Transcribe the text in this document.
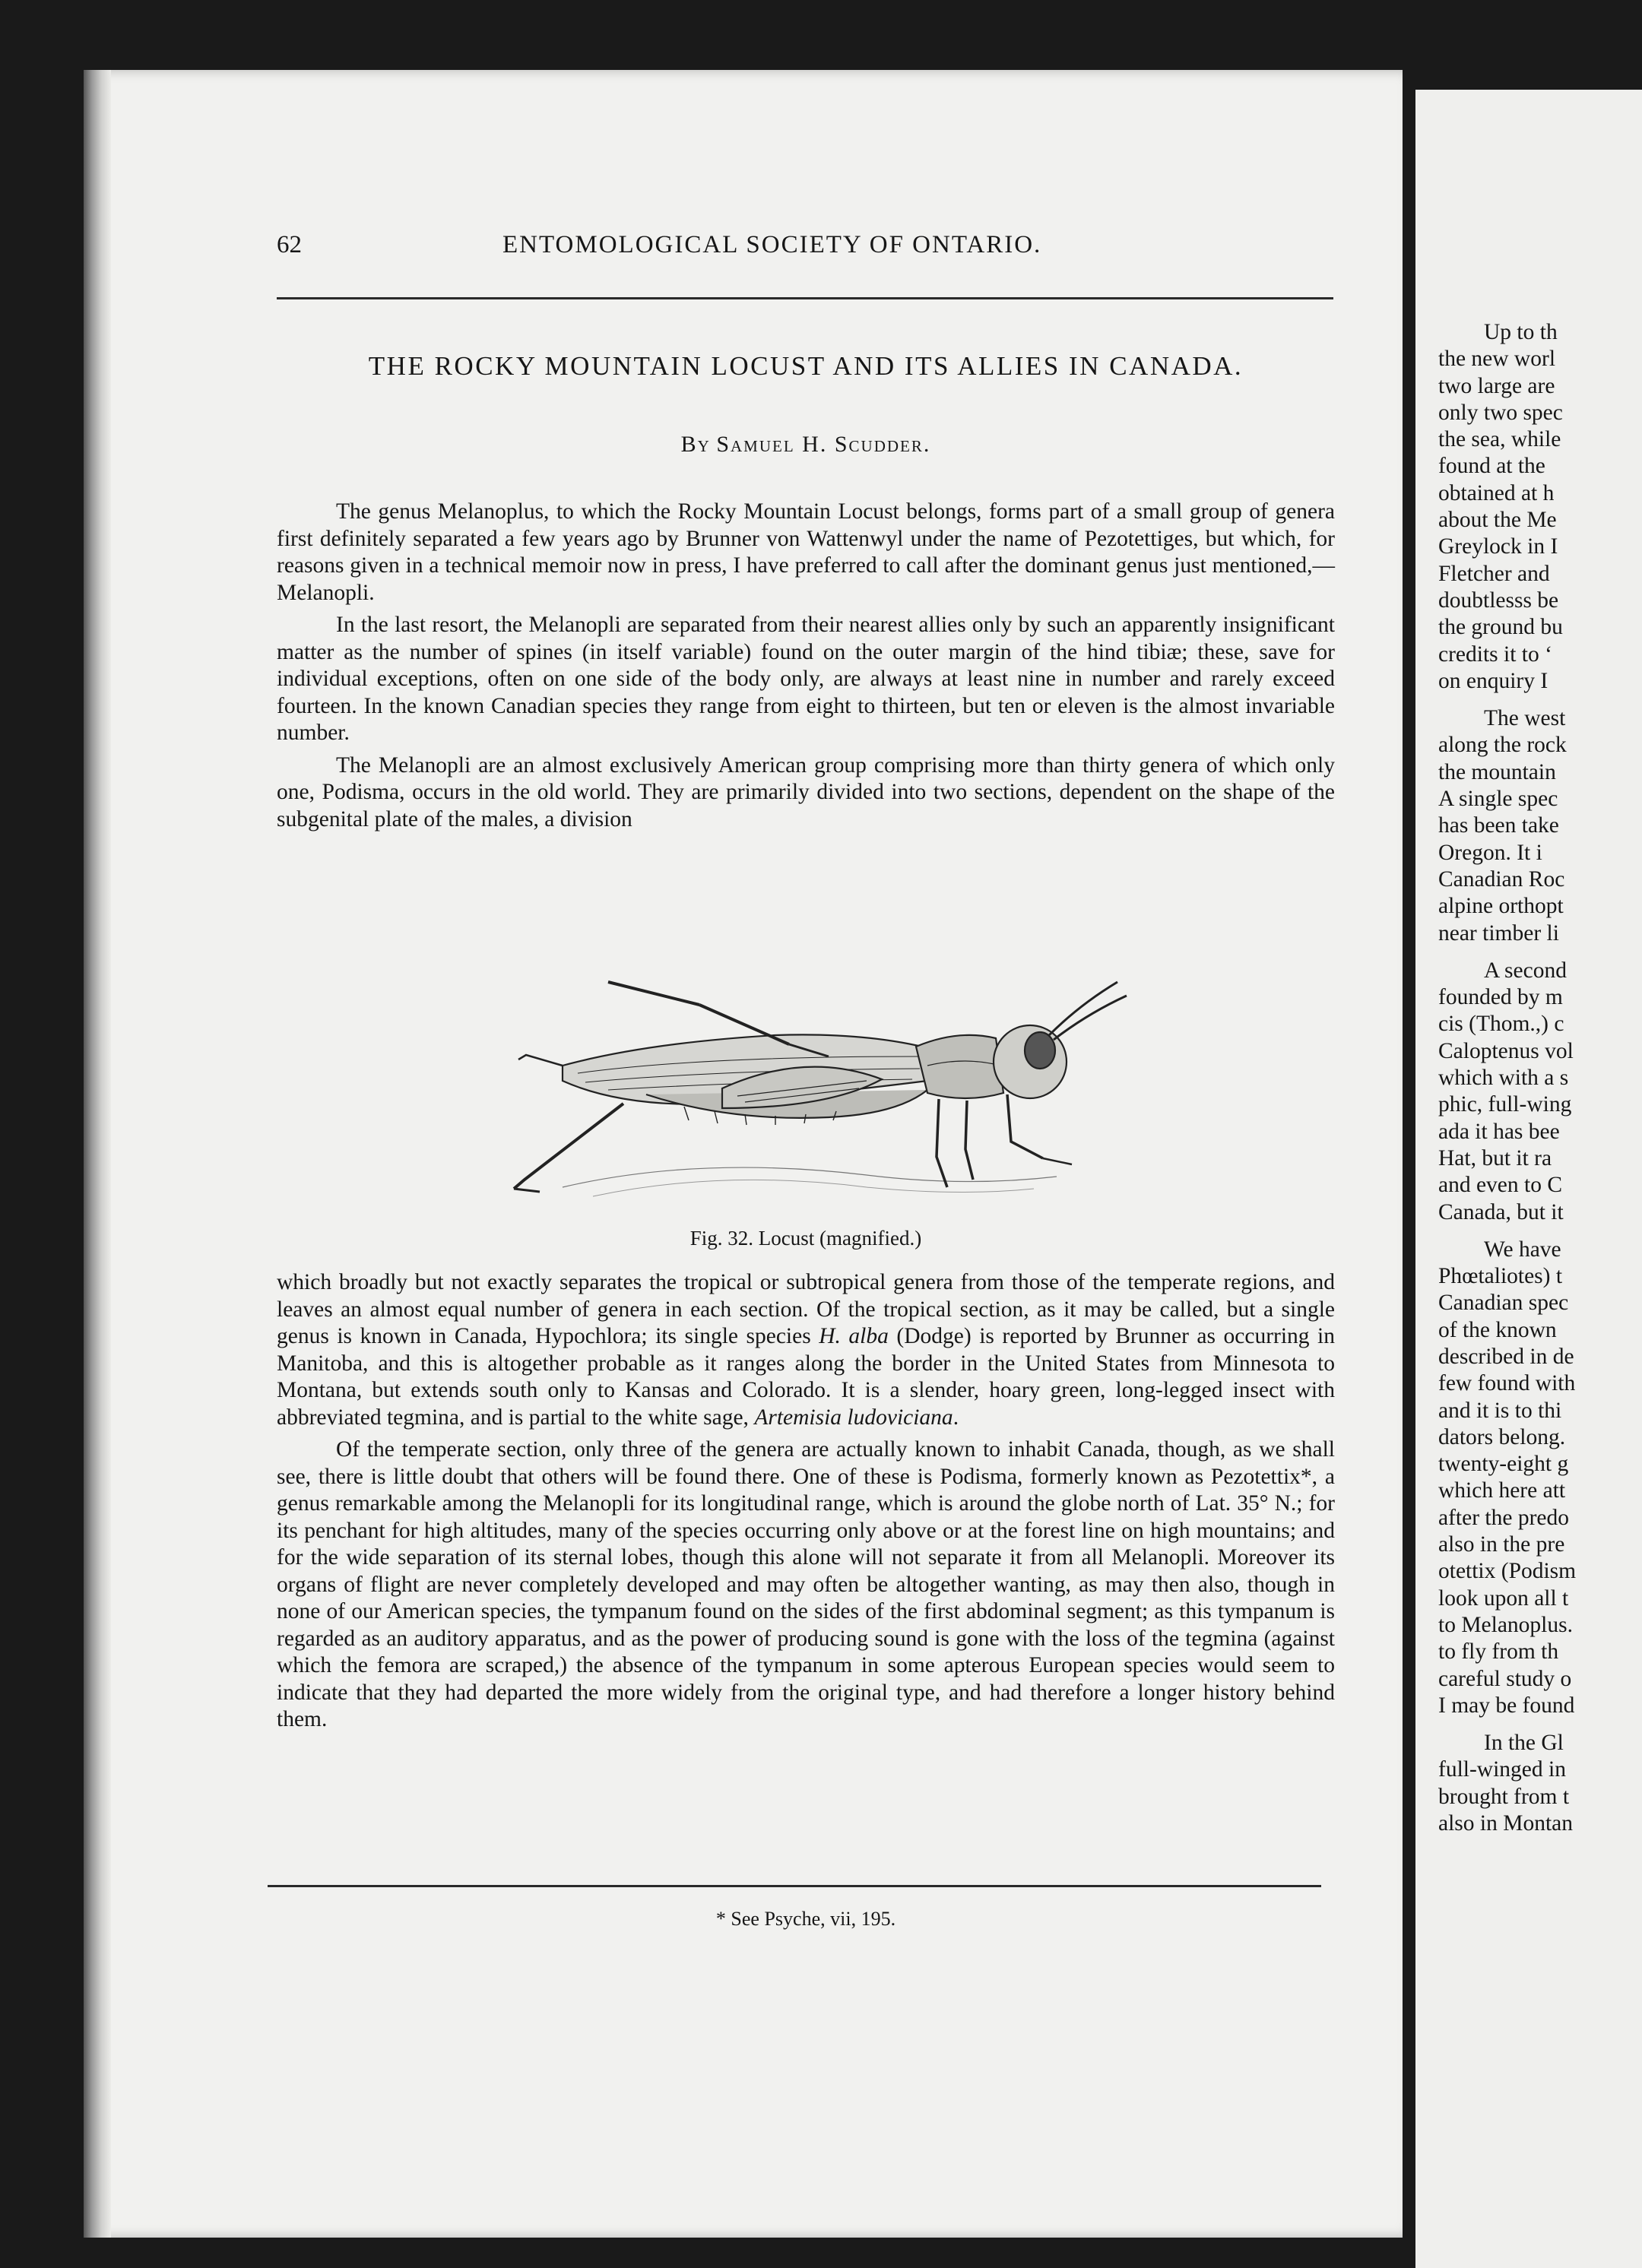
62	ENTOMOLOGICAL SOCIETY OF ONTARIO.
THE ROCKY MOUNTAIN LOCUST AND ITS ALLIES IN CANADA.
By Samuel H. Scudder.

The genus Melanoplus, to which the Rocky Mountain Locust belongs, forms part of a small group of genera first definitely separated a few years ago by Brunner von Wattenwyl under the name of Pezotettiges, but which, for reasons given in a technical memoir now in press, I have preferred to call after the dominant genus just mentioned,—Melanopli.

In the last resort, the Melanopli are separated from their nearest allies only by such an apparently insignificant matter as the number of spines (in itself variable) found on the outer margin of the hind tibiæ; these, save for individual exceptions, often on one side of the body only, are always at least nine in number and rarely exceed fourteen. In the known Canadian species they range from eight to thirteen, but ten or eleven is the almost invariable number.

The Melanopli are an almost exclusively American group comprising more than thirty genera of which only one, Podisma, occurs in the old world. They are primarily divided into two sections, dependent on the shape of the subgenital plate of the males, a division

Fig. 32. Locust (magnified.)

which broadly but not exactly separates the tropical or subtropical genera from those of the temperate regions, and leaves an almost equal number of genera in each section. Of the tropical section, as it may be called, but a single genus is known in Canada, Hypochlora; its single species H. alba (Dodge) is reported by Brunner as occurring in Manitoba, and this is altogether probable as it ranges along the border in the United States from Minnesota to Montana, but extends south only to Kansas and Colorado. It is a slender, hoary green, long-legged insect with abbreviated tegmina, and is partial to the white sage, Artemisia ludoviciana.

Of the temperate section, only three of the genera are actually known to inhabit Canada, though, as we shall see, there is little doubt that others will be found there. One of these is Podisma, formerly known as Pezotettix*, a genus remarkable among the Melanopli for its longitudinal range, which is around the globe north of Lat. 35° N.; for its penchant for high altitudes, many of the species occurring only above or at the forest line on high mountains; and for the wide separation of its sternal lobes, though this alone will not separate it from all Melanopli. Moreover its organs of flight are never completely developed and may often be altogether wanting, as may then also, though in none of our American species, the tympanum found on the sides of the first abdominal segment; as this tympanum is regarded as an auditory apparatus, and as the power of producing sound is gone with the loss of the tegmina (against which the femora are scraped,) the absence of the tympanum in some apterous European species would seem to indicate that they had departed the more widely from the original type, and had therefore a longer history behind them.

* See Psyche, vii, 195.
Up to th
the new worl
two large are
only two spec
the sea, while
found at the
obtained at h
about the Me
Greylock in I
Fletcher and
doubtlesss be
the ground bu
credits it to ‘
on enquiry I
The west
along the rock
the mountain
A single spec
has been take
Oregon. It i
Canadian Roc
alpine orthopt
near timber li
A second
founded by m
cis (Thom.,) c
Caloptenus vol
which with a s
phic, full-wing
ada it has bee
Hat, but it ra
and even to C
Canada, but it
We have
Phœtaliotes) t
Canadian spec
of the known
described in de
few found with
and it is to thi
dators belong.
twenty-eight g
which here att
after the predo
also in the pre
otettix (Podism
look upon all t
to Melanoplus.
to fly from th
careful study o
I may be found
In the Gl
full-winged in
brought from t
also in Montan
